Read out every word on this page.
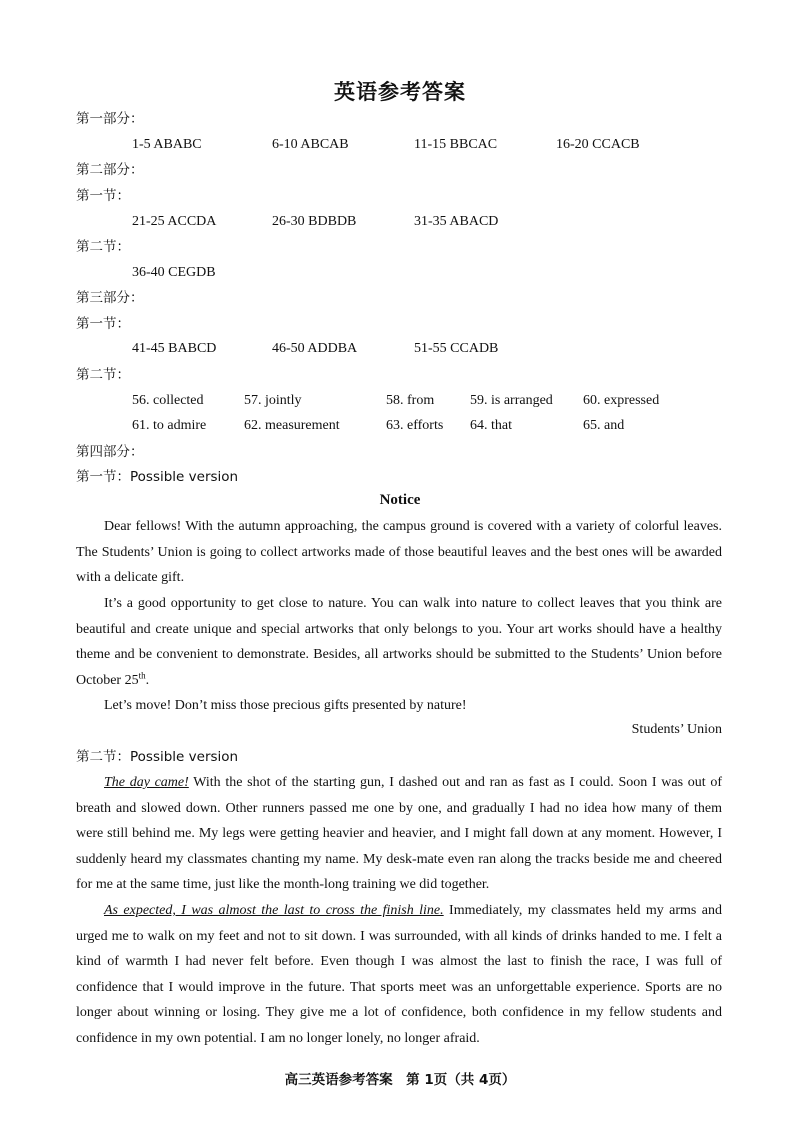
英语参考答案
第一部分：
1-5 ABABC	6-10 ABCAB	11-15 BBCAC	16-20 CCACB
第二部分：
第一节：
21-25 ACCDA	26-30 BDBDB	31-35 ABACD
第二节：
36-40 CEGDB
第三部分：
第一节：
41-45 BABCD	46-50 ADDBA	51-55 CCADB
第二节：
56. collected	57. jointly	58. from	59. is arranged 60. expressed
61. to admire	62. measurement	63. efforts 64. that	65. and
第四部分：
第一节：Possible version
Notice

Dear fellows! With the autumn approaching, the campus ground is covered with a variety of colorful leaves. The Students’ Union is going to collect artworks made of those beautiful leaves and the best ones will be awarded with a delicate gift.

It’s a good opportunity to get close to nature. You can walk into nature to collect leaves that you think are beautiful and create unique and special artworks that only belongs to you. Your art works should have a healthy theme and be convenient to demonstrate. Besides, all artworks should be submitted to the Students’ Union before October 25th.

Let’s move! Don’t miss those precious gifts presented by nature!

Students’ Union
第二节：Possible version

The day came! With the shot of the starting gun, I dashed out and ran as fast as I could. Soon I was out of breath and slowed down. Other runners passed me one by one, and gradually I had no idea how many of them were still behind me. My legs were getting heavier and heavier, and I might fall down at any moment. However, I suddenly heard my classmates chanting my name. My desk-mate even ran along the tracks beside me and cheered for me at the same time, just like the month-long training we did together.

As expected, I was almost the last to cross the finish line. Immediately, my classmates held my arms and urged me to walk on my feet and not to sit down. I was surrounded, with all kinds of drinks handed to me. I felt a kind of warmth I had never felt before. Even though I was almost the last to finish the race, I was full of confidence that I would improve in the future. That sports meet was an unforgettable experience. Sports are no longer about winning or losing. They give me a lot of confidence, both confidence in my fellow students and confidence in my own potential. I am no longer lonely, no longer afraid.

高三英语参考答案　第 1页（共 4页）
